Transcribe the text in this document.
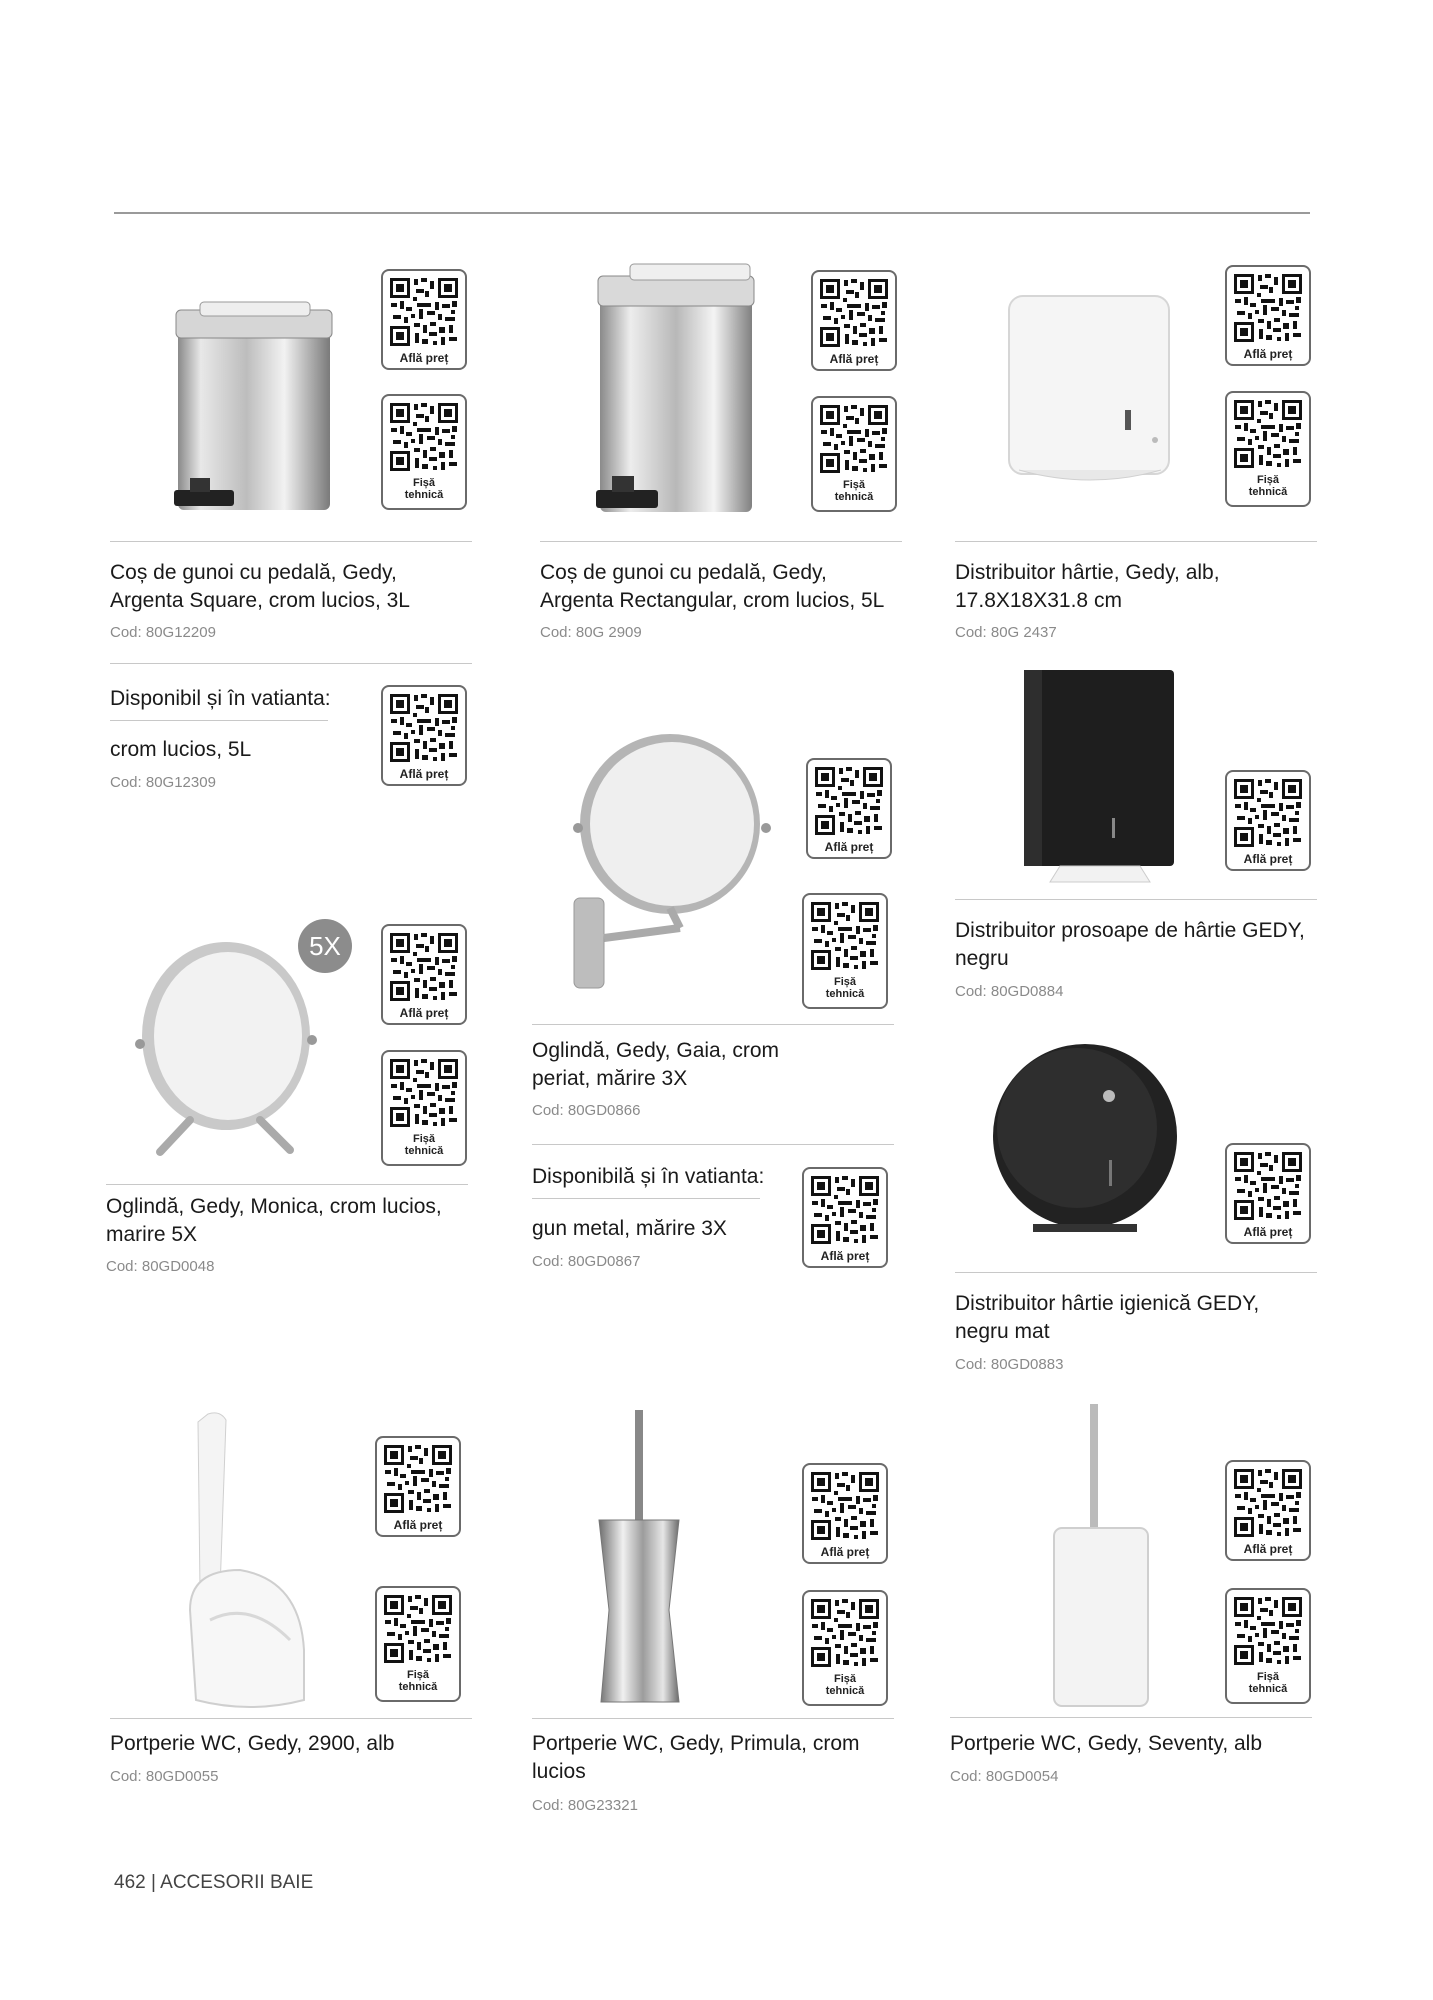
Află preț
Fișă
tehnică
Coș de gunoi cu pedală, Gedy,
Argenta Square, crom lucios, 3L
Cod: 80G12209
Disponibil și în vatianta:
crom lucios, 5L
Cod: 80G12309	Află preț
Află preț
Fișă
tehnică
Coș de gunoi cu pedală, Gedy,
Argenta Rectangular, crom lucios, 5L
Cod: 80G 2909
Află preț
Fișă
tehnică
Distribuitor hârtie, Gedy, alb,
17.8X18X31.8 cm
Cod: 80G 2437
5X
Află preț
Fișă
tehnică
Oglindă, Gedy, Monica, crom lucios,
marire 5X
Cod: 80GD0048
Află preț
Fișă
tehnică
Oglindă, Gedy, Gaia, crom
periat, mărire 3X
Cod: 80GD0866
Disponibilă și în vatianta:
gun metal, mărire 3X
Cod: 80GD0867	Află preț
Află preț
Distribuitor prosoape de hârtie GEDY,
negru
Cod: 80GD0884
Află preț
Distribuitor hârtie igienică GEDY,
negru mat
Cod: 80GD0883
Află preț
Fișă
tehnică
Portperie WC, Gedy, 2900, alb
Cod: 80GD0055
Află preț
Fișă
tehnică
Portperie WC, Gedy, Primula, crom
lucios
Cod: 80G23321
Află preț
Fișă
tehnică
Portperie WC, Gedy, Seventy, alb
Cod: 80GD0054
462 | ACCESORII BAIE
